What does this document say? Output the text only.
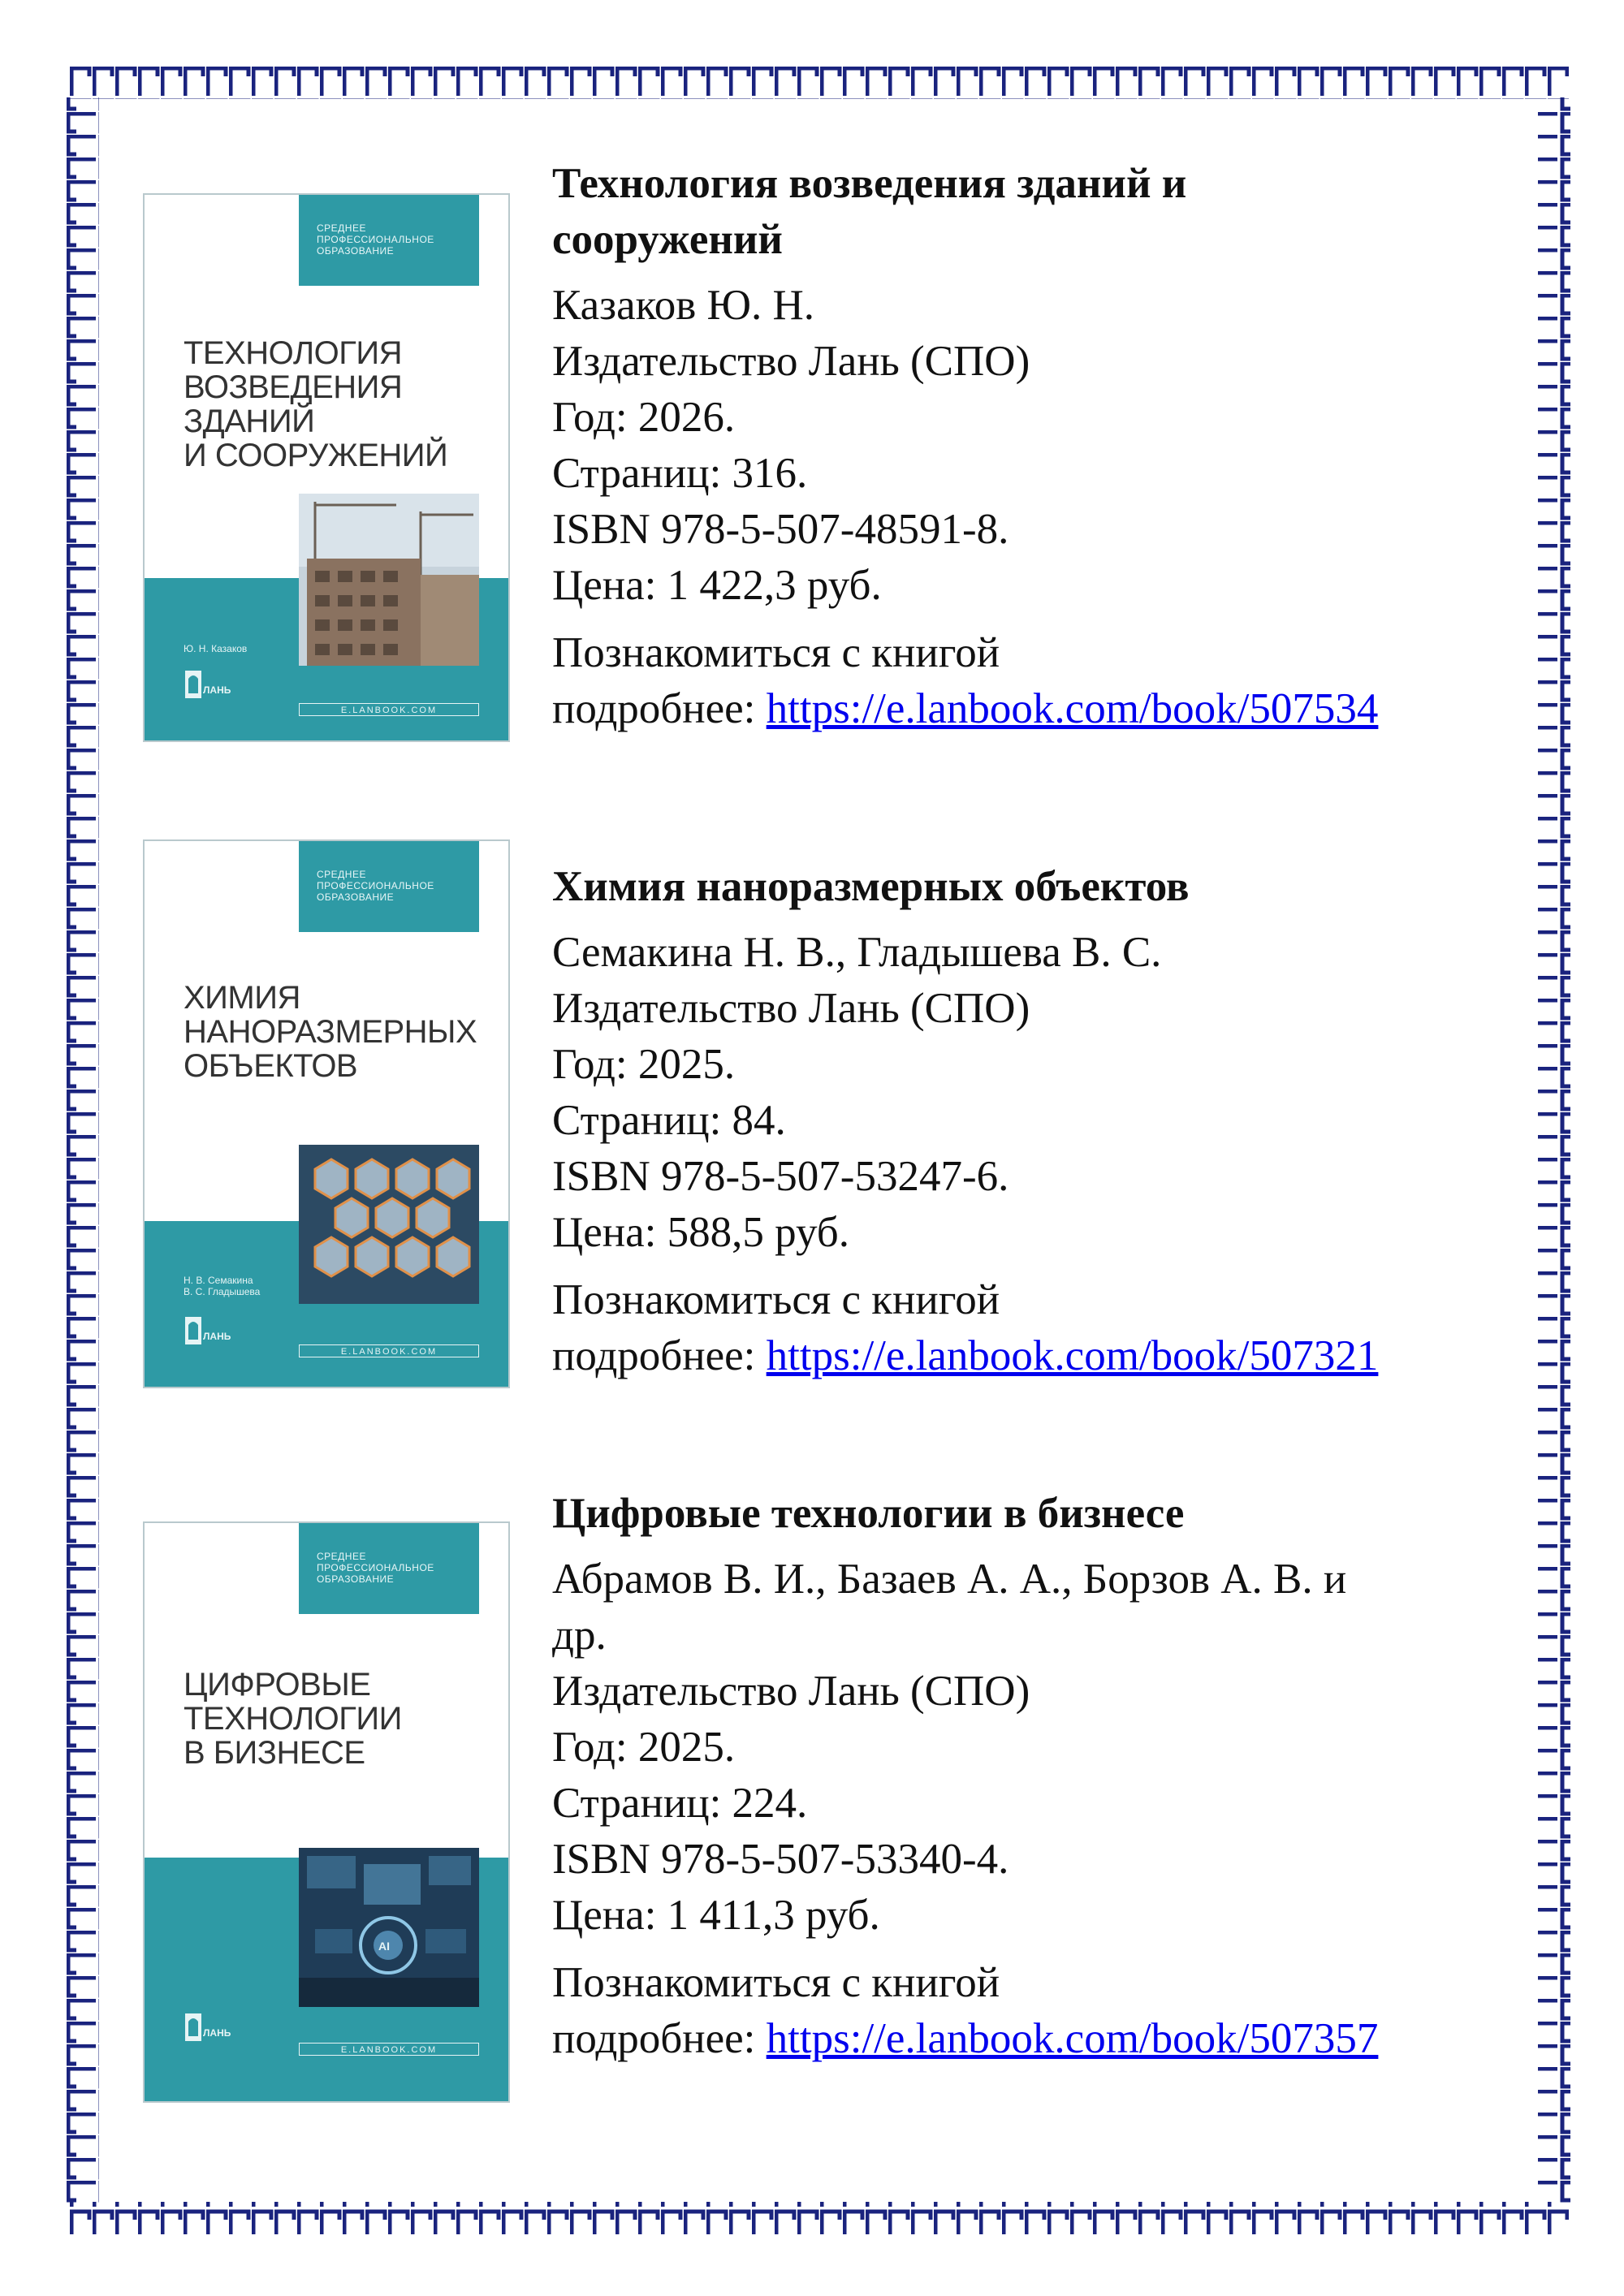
СРЕДНЕЕ
ПРОФЕССИОНАЛЬНОЕ
ОБРАЗОВАНИЕ
ТЕХНОЛОГИЯ
ВОЗВЕДЕНИЯ
ЗДАНИЙ
И СООРУЖЕНИЙ
Ю. Н. Казаков
ЛАНЬ
E.LANBOOK.COM
Технология возведения зданий и
сооружений
Казаков Ю. Н.
Издательство Лань (СПО)
Год: 2026.
Страниц: 316.
ISBN 978-5-507-48591-8.
Цена: 1 422,3 руб.
Познакомиться с книгой
подробнее: https://e.lanbook.com/book/507534
СРЕДНЕЕ
ПРОФЕССИОНАЛЬНОЕ
ОБРАЗОВАНИЕ
ХИМИЯ
НАНОРАЗМЕРНЫХ
ОБЪЕКТОВ
Н. В. Семакина
В. С. Гладышева
ЛАНЬ
E.LANBOOK.COM
Химия наноразмерных объектов
Семакина Н. В., Гладышева В. С.
Издательство Лань (СПО)
Год: 2025.
Страниц: 84.
ISBN 978-5-507-53247-6.
Цена: 588,5 руб.
Познакомиться с книгой
подробнее: https://e.lanbook.com/book/507321
СРЕДНЕЕ
ПРОФЕССИОНАЛЬНОЕ
ОБРАЗОВАНИЕ
ЦИФРОВЫЕ
ТЕХНОЛОГИИ
В БИЗНЕСЕ
AI
ЛАНЬ
E.LANBOOK.COM
Цифровые технологии в бизнесе
Абрамов В. И., Базаев А. А., Борзов А. В. и
др.
Издательство Лань (СПО)
Год: 2025.
Страниц: 224.
ISBN 978-5-507-53340-4.
Цена: 1 411,3 руб.
Познакомиться с книгой
подробнее: https://e.lanbook.com/book/507357
